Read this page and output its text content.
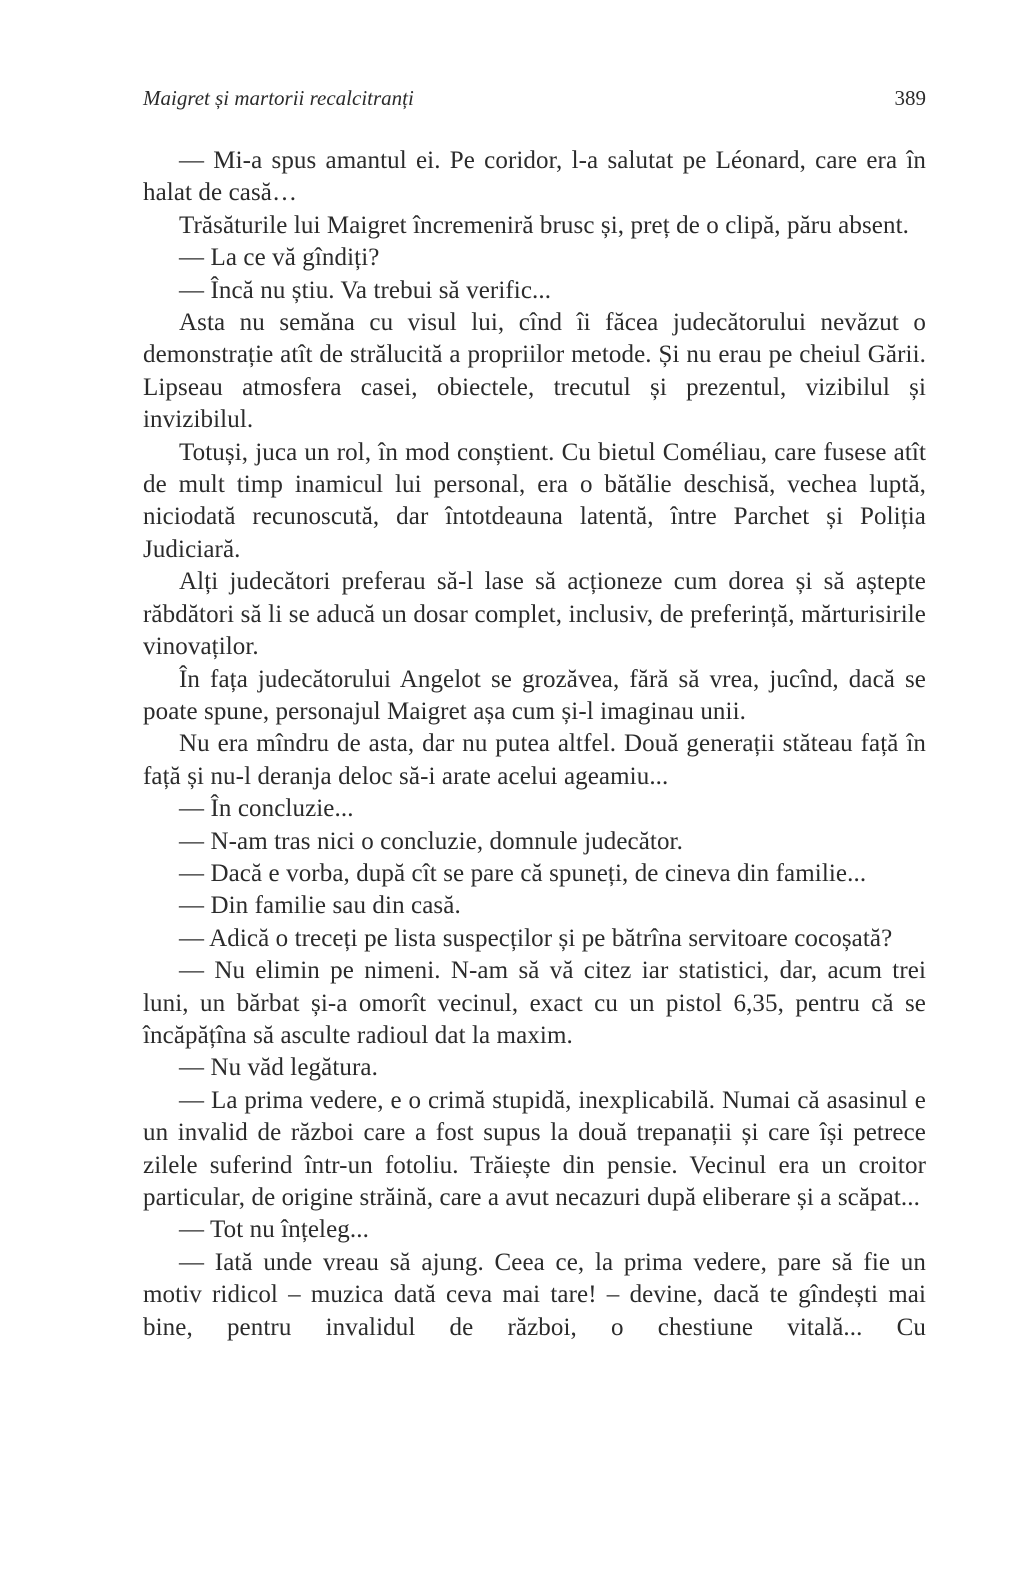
Maigret și martorii recalcitranți	389

— Mi-a spus amantul ei. Pe coridor, l-a salutat pe Léonard, care era în halat de casă…

Trăsăturile lui Maigret încremeniră brusc și, preț de o clipă, păru absent.

— La ce vă gîndiți?

— Încă nu știu. Va trebui să verific...

Asta nu semăna cu visul lui, cînd îi făcea judecătorului nevăzut o demonstrație atît de strălucită a propriilor metode. Și nu erau pe cheiul Gării. Lipseau atmosfera casei, obiectele, trecutul și prezentul, vizibilul și invizibilul.

Totuși, juca un rol, în mod conștient. Cu bietul Coméliau, care fusese atît de mult timp inamicul lui personal, era o bătălie deschisă, vechea luptă, niciodată recunoscută, dar întotdeauna latentă, între Parchet și Poliția Judiciară.

Alți judecători preferau să-l lase să acționeze cum dorea și să aștepte răbdători să li se aducă un dosar complet, inclusiv, de preferință, mărturisirile vinovaților.

În fața judecătorului Angelot se grozăvea, fără să vrea, jucînd, dacă se poate spune, personajul Maigret așa cum și-l imaginau unii.

Nu era mîndru de asta, dar nu putea altfel. Două generații stăteau față în față și nu-l deranja deloc să-i arate acelui ageamiu...

— În concluzie...

— N-am tras nici o concluzie, domnule judecător.

— Dacă e vorba, după cît se pare că spuneți, de cineva din familie...

— Din familie sau din casă.

— Adică o treceți pe lista suspecților și pe bătrîna servitoare cocoșată?

— Nu elimin pe nimeni. N-am să vă citez iar statistici, dar, acum trei luni, un bărbat și-a omorît vecinul, exact cu un pistol 6,35, pentru că se încăpățîna să asculte radioul dat la maxim.

— Nu văd legătura.

— La prima vedere, e o crimă stupidă, inexplicabilă. Numai că asasinul e un invalid de război care a fost supus la două trepanații și care își petrece zilele suferind într-un fotoliu. Trăiește din pensie. Vecinul era un croitor particular, de origine străină, care a avut necazuri după eliberare și a scăpat...

— Tot nu înțeleg...

— Iată unde vreau să ajung. Ceea ce, la prima vedere, pare să fie un motiv ridicol – muzica dată ceva mai tare! – devine, dacă te gîndești mai bine, pentru invalidul de război, o chestiune vitală... Cu
